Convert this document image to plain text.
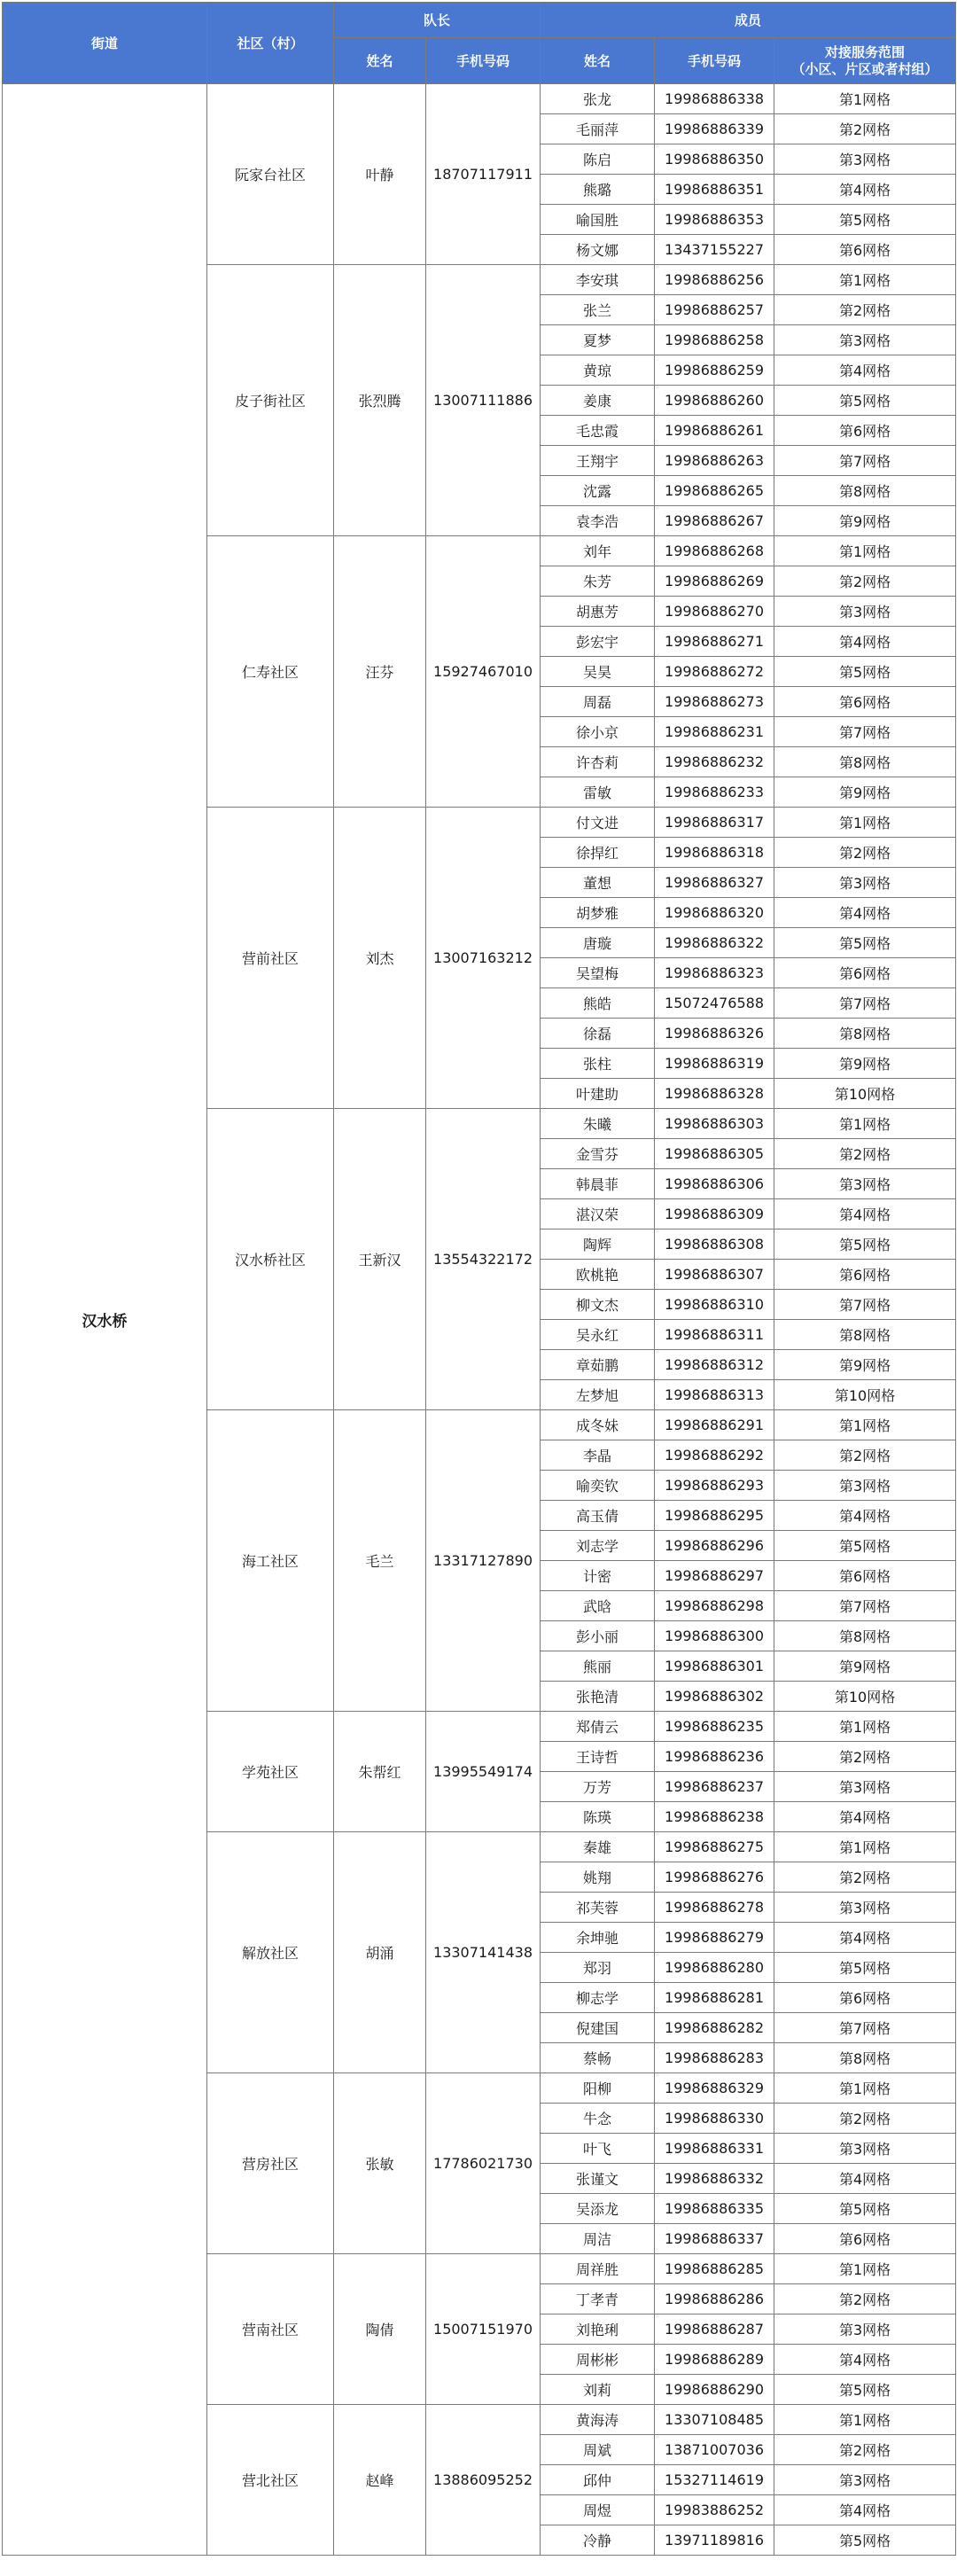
街道	社区（村）	队长		成员		
		姓名	手机号码	姓名	手机号码	对接服务范围
（小区、片区或者村组）
汉水桥	阮家台社区	叶静	18707117911	张龙	19986886338	第1网格
				毛丽萍	19986886339	第2网格
				陈启	19986886350	第3网格
				熊璐	19986886351	第4网格
				喻国胜	19986886353	第5网格
				杨文娜	13437155227	第6网格
	皮子街社区	张烈腾	13007111886	李安琪	19986886256	第1网格
				张兰	19986886257	第2网格
				夏梦	19986886258	第3网格
				黄琼	19986886259	第4网格
				姜康	19986886260	第5网格
				毛忠霞	19986886261	第6网格
				王翔宇	19986886263	第7网格
				沈露	19986886265	第8网格
				袁李浩	19986886267	第9网格
	仁寿社区	汪芬	15927467010	刘年	19986886268	第1网格
				朱芳	19986886269	第2网格
				胡惠芳	19986886270	第3网格
				彭宏宇	19986886271	第4网格
				吴昊	19986886272	第5网格
				周磊	19986886273	第6网格
				徐小京	19986886231	第7网格
				许杏莉	19986886232	第8网格
				雷敏	19986886233	第9网格
	营前社区	刘杰	13007163212	付文进	19986886317	第1网格
				徐捍红	19986886318	第2网格
				董想	19986886327	第3网格
				胡梦雅	19986886320	第4网格
				唐璇	19986886322	第5网格
				吴望梅	19986886323	第6网格
				熊皓	15072476588	第7网格
				徐磊	19986886326	第8网格
				张柱	19986886319	第9网格
				叶建助	19986886328	第10网格
	汉水桥社区	王新汉	13554322172	朱曦	19986886303	第1网格
				金雪芬	19986886305	第2网格
				韩晨菲	19986886306	第3网格
				湛汉荣	19986886309	第4网格
				陶辉	19986886308	第5网格
				欧桃艳	19986886307	第6网格
				柳文杰	19986886310	第7网格
				吴永红	19986886311	第8网格
				章茹鹏	19986886312	第9网格
				左梦旭	19986886313	第10网格
	海工社区	毛兰	13317127890	成冬妹	19986886291	第1网格
				李晶	19986886292	第2网格
				喻奕钦	19986886293	第3网格
				高玉倩	19986886295	第4网格
				刘志学	19986886296	第5网格
				计密	19986886297	第6网格
				武晗	19986886298	第7网格
				彭小丽	19986886300	第8网格
				熊丽	19986886301	第9网格
				张艳清	19986886302	第10网格
	学苑社区	朱帮红	13995549174	郑倩云	19986886235	第1网格
				王诗哲	19986886236	第2网格
				万芳	19986886237	第3网格
				陈瑛	19986886238	第4网格
	解放社区	胡涌	13307141438	秦雄	19986886275	第1网格
				姚翔	19986886276	第2网格
				祁芙蓉	19986886278	第3网格
				余坤驰	19986886279	第4网格
				郑羽	19986886280	第5网格
				柳志学	19986886281	第6网格
				倪建国	19986886282	第7网格
				蔡畅	19986886283	第8网格
	营房社区	张敏	17786021730	阳柳	19986886329	第1网格
				牛念	19986886330	第2网格
				叶飞	19986886331	第3网格
				张谨文	19986886332	第4网格
				吴添龙	19986886335	第5网格
				周洁	19986886337	第6网格
	营南社区	陶倩	15007151970	周祥胜	19986886285	第1网格
				丁孝青	19986886286	第2网格
				刘艳琍	19986886287	第3网格
				周彬彬	19986886289	第4网格
				刘莉	19986886290	第5网格
	营北社区	赵峰	13886095252	黄海涛	13307108485	第1网格
				周斌	13871007036	第2网格
				邱仲	15327114619	第3网格
				周煜	19983886252	第4网格
				冷静	13971189816	第5网格
